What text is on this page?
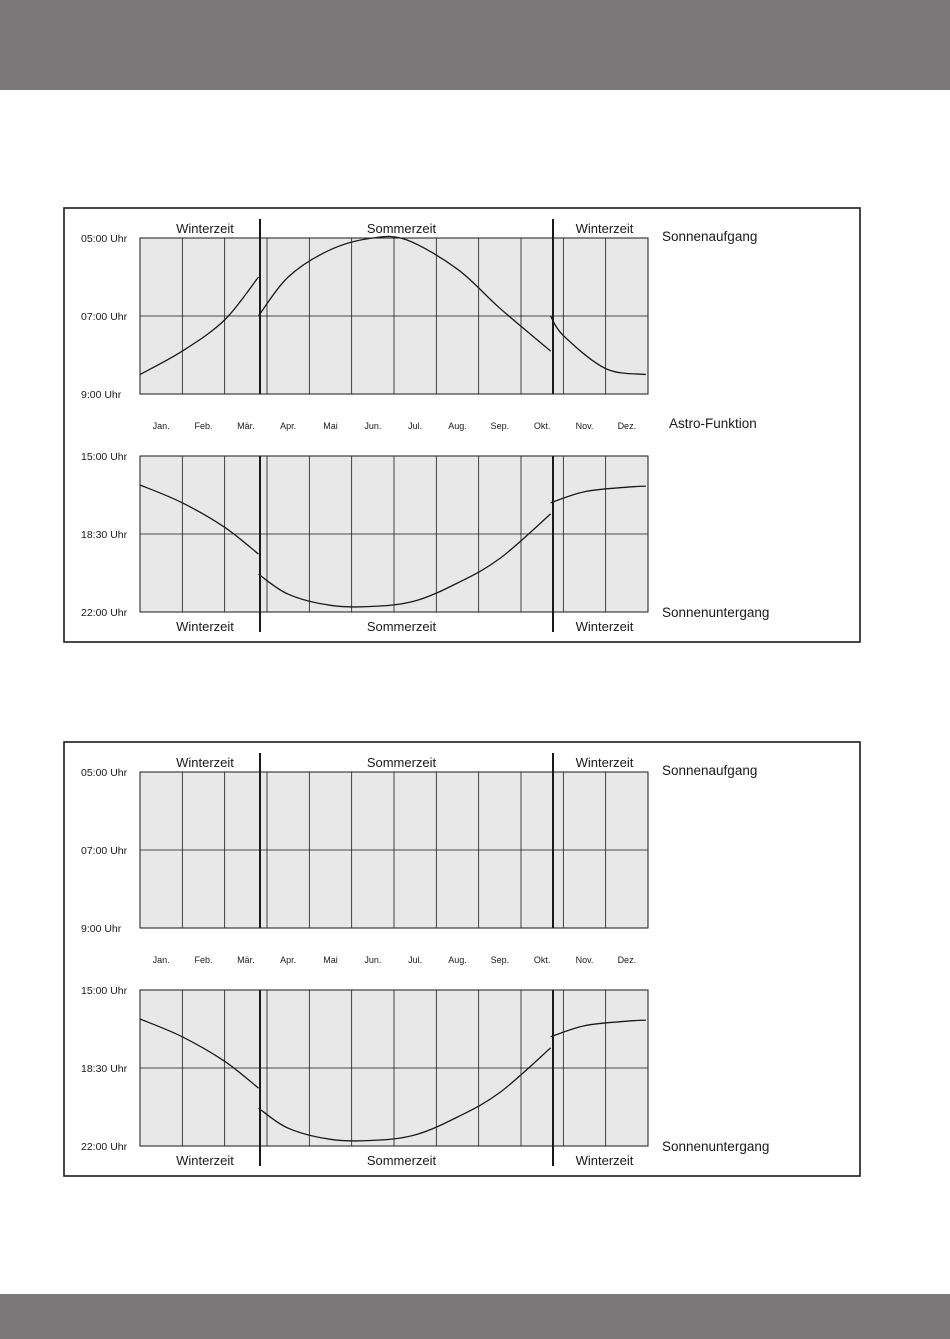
05:00 Uhr
07:00 Uhr
9:00 Uhr
15:00 Uhr
18:30 Uhr
22:00 Uhr
Winterzeit	Sommerzeit	Winterzeit
Winterzeit	Sommerzeit	Winterzeit
Jan.	Feb.	Mär.	Apr.	Mai	Jun.	Jul.	Aug.	Sep.	Okt.	Nov.	Dez.
Sonnenaufgang
Sonnenuntergang
Astro-Funktion
05:00 Uhr
07:00 Uhr
9:00 Uhr
15:00 Uhr
18:30 Uhr
22:00 Uhr
Winterzeit	Sommerzeit	Winterzeit
Winterzeit	Sommerzeit	Winterzeit
Jan.	Feb.	Mär.	Apr.	Mai	Jun.	Jul.	Aug.	Sep.	Okt.	Nov.	Dez.
Sonnenaufgang
Sonnenuntergang
